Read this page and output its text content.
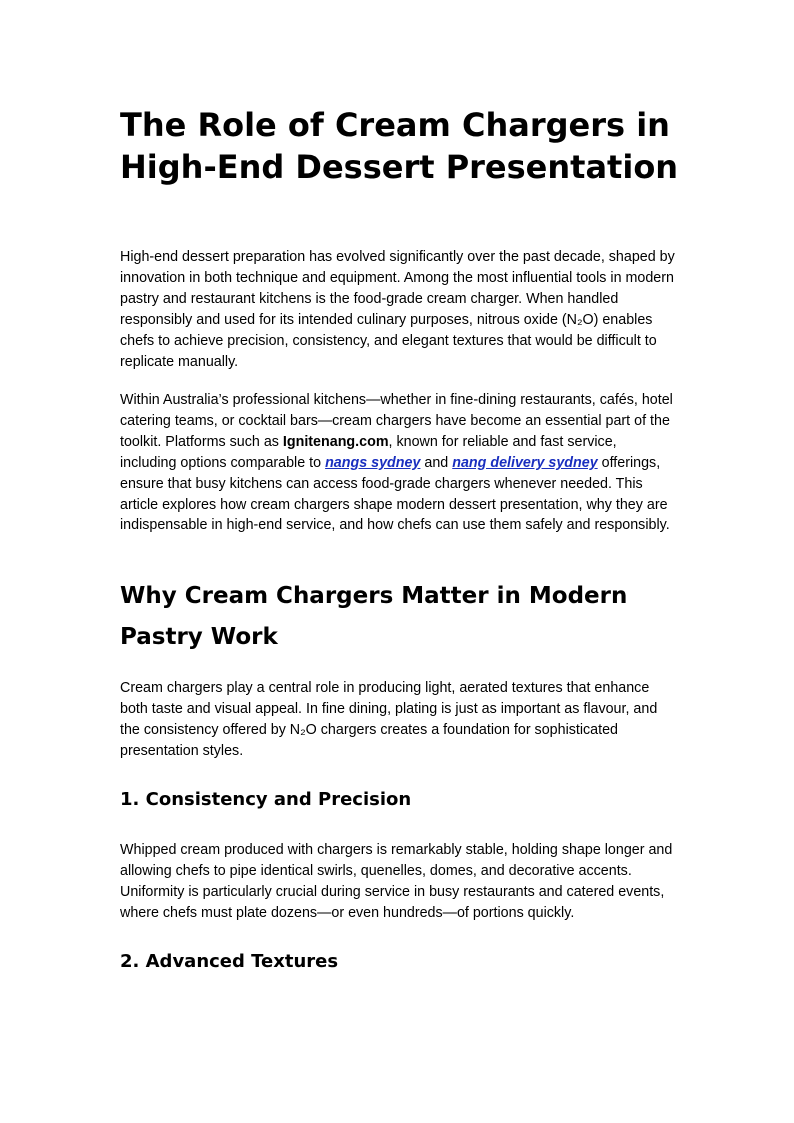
The Role of Cream Chargers in High-End Dessert Presentation

High-end dessert preparation has evolved significantly over the past decade, shaped by innovation in both technique and equipment. Among the most influential tools in modern pastry and restaurant kitchens is the food-grade cream charger. When handled responsibly and used for its intended culinary purposes, nitrous oxide (N₂O) enables chefs to achieve precision, consistency, and elegant textures that would be difficult to replicate manually.

Within Australia’s professional kitchens—whether in fine-dining restaurants, cafés, hotel catering teams, or cocktail bars—cream chargers have become an essential part of the toolkit. Platforms such as Ignitenang.com, known for reliable and fast service, including options comparable to nangs sydney and nang delivery sydney offerings, ensure that busy kitchens can access food-grade chargers whenever needed. This article explores how cream chargers shape modern dessert presentation, why they are indispensable in high-end service, and how chefs can use them safely and responsibly.

Why Cream Chargers Matter in Modern Pastry Work

Cream chargers play a central role in producing light, aerated textures that enhance both taste and visual appeal. In fine dining, plating is just as important as flavour, and the consistency offered by N₂O chargers creates a foundation for sophisticated presentation styles.

1. Consistency and Precision

Whipped cream produced with chargers is remarkably stable, holding shape longer and allowing chefs to pipe identical swirls, quenelles, domes, and decorative accents. Uniformity is particularly crucial during service in busy restaurants and catered events, where chefs must plate dozens—or even hundreds—of portions quickly.

2. Advanced Textures
